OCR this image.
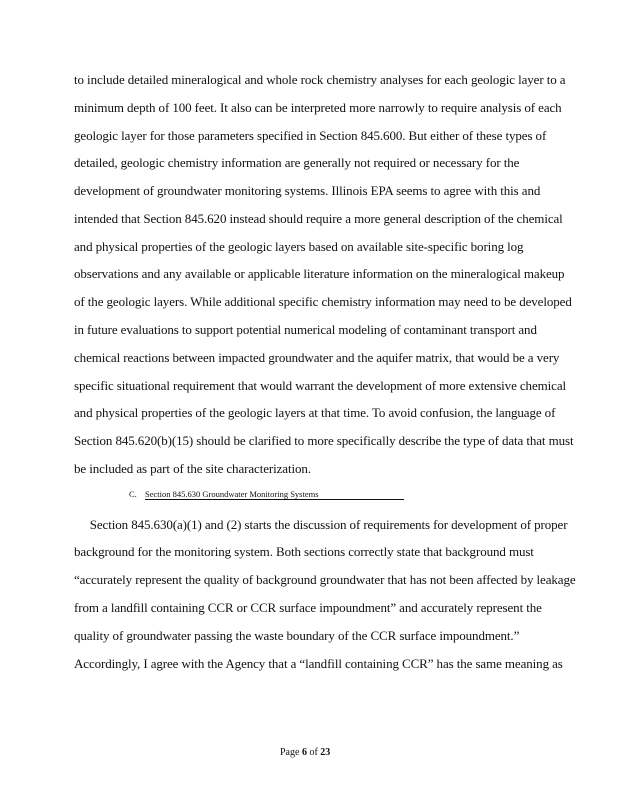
to include detailed mineralogical and whole rock chemistry analyses for each geologic layer to a
minimum depth of 100 feet. It also can be interpreted more narrowly to require analysis of each
geologic layer for those parameters specified in Section 845.600. But either of these types of
detailed, geologic chemistry information are generally not required or necessary for the
development of groundwater monitoring systems. Illinois EPA seems to agree with this and
intended that Section 845.620 instead should require a more general description of the chemical
and physical properties of the geologic layers based on available site-specific boring log
observations and any available or applicable literature information on the mineralogical makeup
of the geologic layers. While additional specific chemistry information may need to be developed
in future evaluations to support potential numerical modeling of contaminant transport and
chemical reactions between impacted groundwater and the aquifer matrix, that would be a very
specific situational requirement that would warrant the development of more extensive chemical
and physical properties of the geologic layers at that time. To avoid confusion, the language of
Section 845.620(b)(15) should be clarified to more specifically describe the type of data that must
be included as part of the site characterization.
C. Section 845.630 Groundwater Monitoring Systems
Section 845.630(a)(1) and (2) starts the discussion of requirements for development of proper
background for the monitoring system. Both sections correctly state that background must
“accurately represent the quality of background groundwater that has not been affected by leakage
from a landfill containing CCR or CCR surface impoundment” and accurately represent the
quality of groundwater passing the waste boundary of the CCR surface impoundment.”
Accordingly, I agree with the Agency that a “landfill containing CCR” has the same meaning as
Page 6 of 23
